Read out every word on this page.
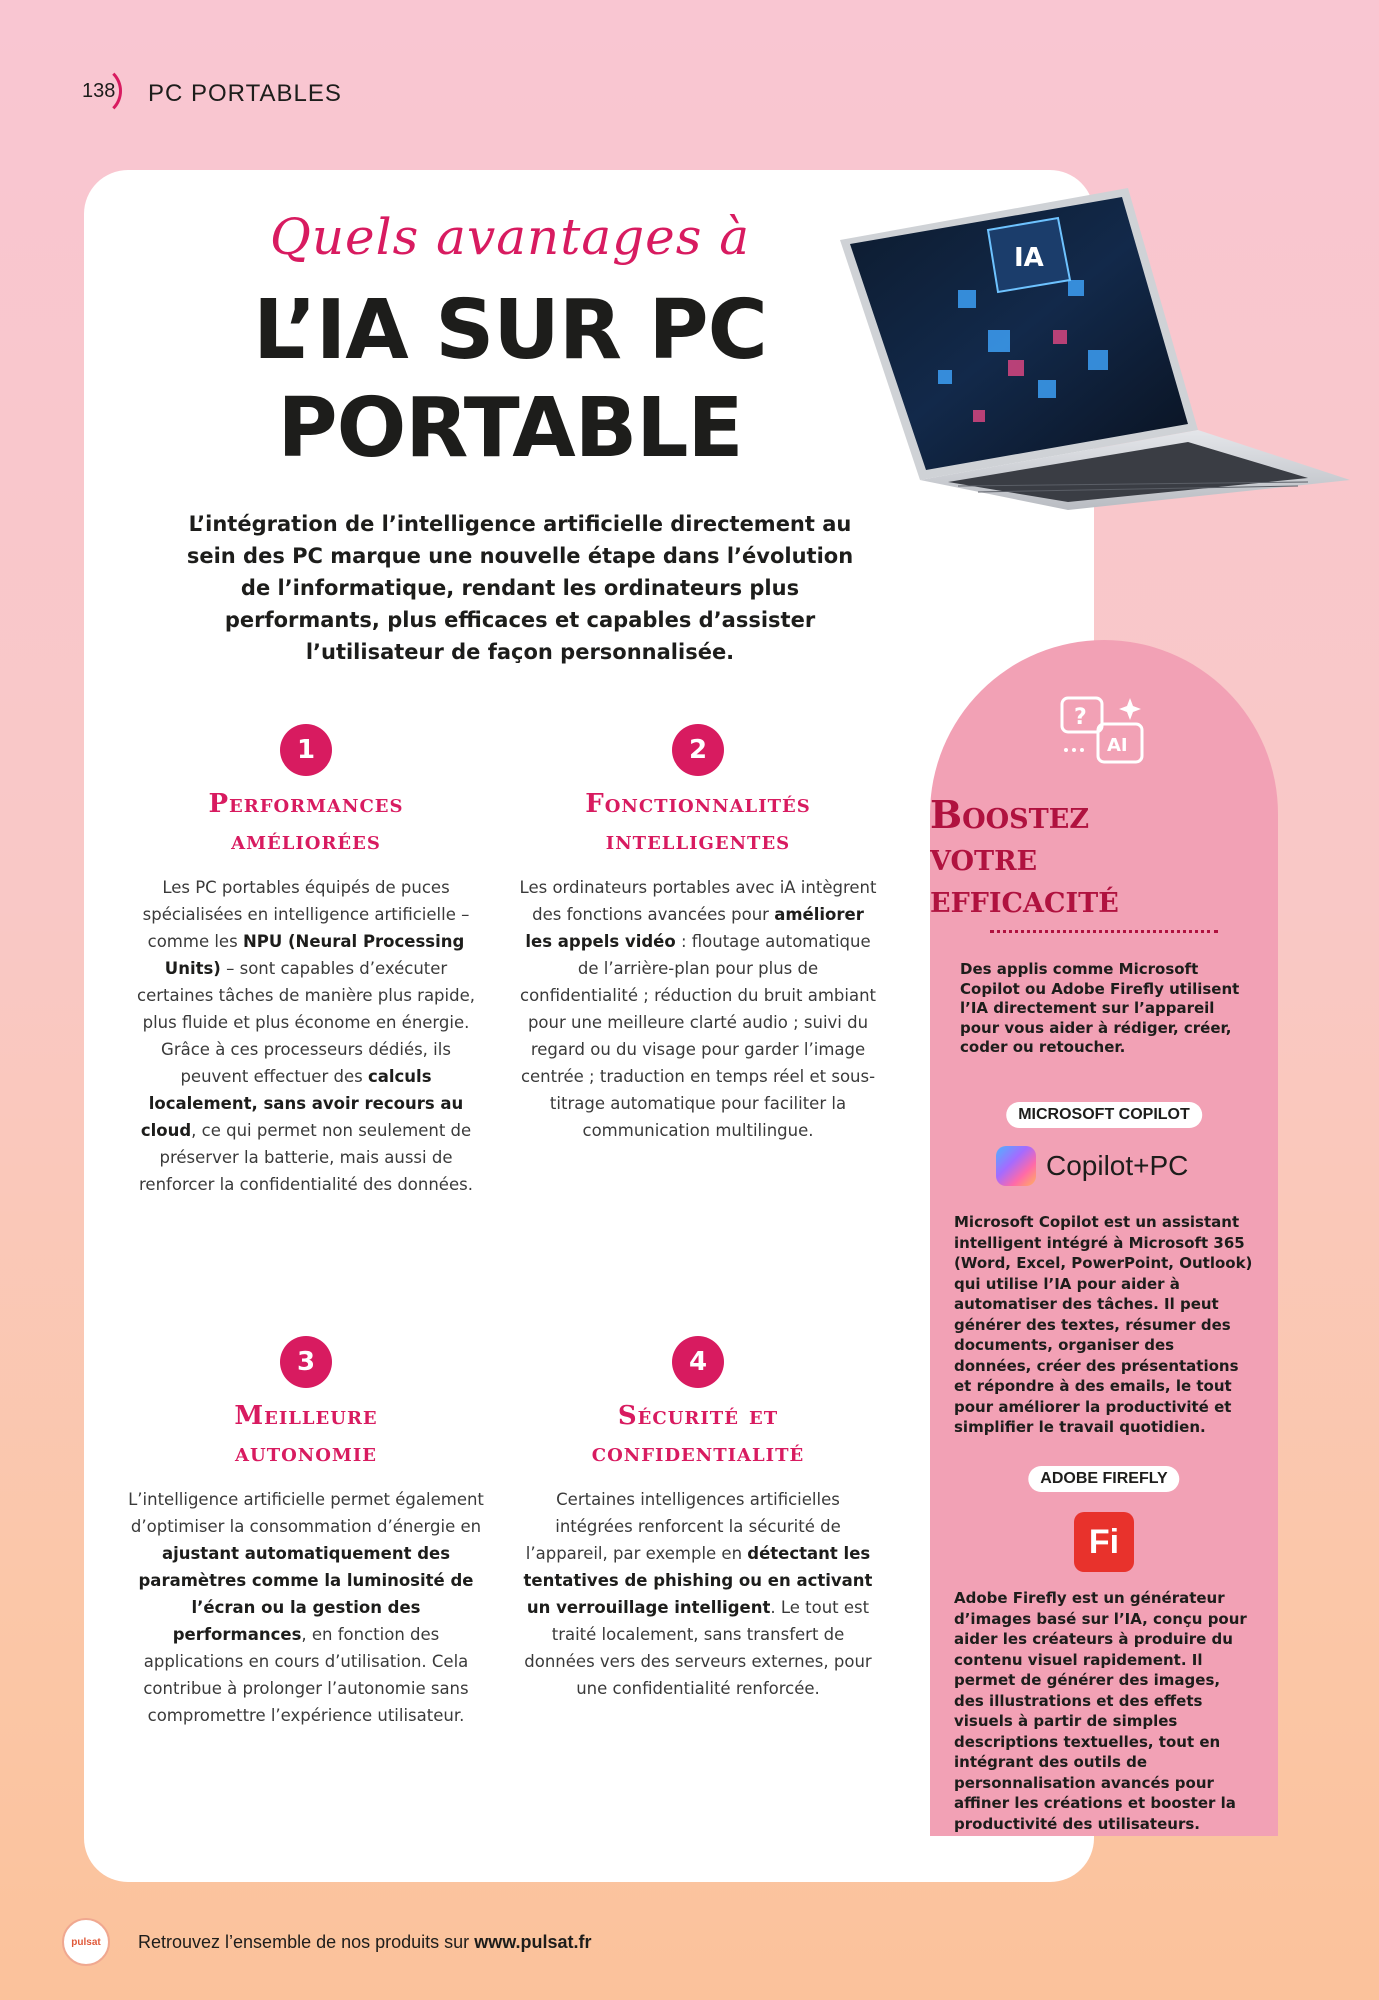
138 PC PORTABLES
IA
Quels avantages à
L’IA SUR PC
PORTABLE
L’intégration de l’intelligence artificielle directement au sein des PC marque une nouvelle étape dans l’évolution de l’informatique, rendant les ordinateurs plus performants, plus efficaces et capables d’assister l’utilisateur de façon personnalisée.
1
Performances
améliorées
Les PC portables équipés de puces spécialisées en intelligence artificielle – comme les NPU (Neural Processing Units) – sont capables d’exécuter certaines tâches de manière plus rapide, plus fluide et plus économe en énergie. Grâce à ces processeurs dédiés, ils peuvent effectuer des calculs localement, sans avoir recours au cloud, ce qui permet non seulement de préserver la batterie, mais aussi de renforcer la confidentialité des données.
2
Fonctionnalités
intelligentes
Les ordinateurs portables avec iA intègrent des fonctions avancées pour améliorer les appels vidéo : floutage automatique de l’arrière-plan pour plus de confidentialité ; réduction du bruit ambiant pour une meilleure clarté audio ; suivi du regard ou du visage pour garder l’image centrée ; traduction en temps réel et sous-titrage automatique pour faciliter la communication multilingue.
3
Meilleure
autonomie
L’intelligence artificielle permet également d’optimiser la consommation d’énergie en ajustant automatiquement des paramètres comme la luminosité de l’écran ou la gestion des performances, en fonction des applications en cours d’utilisation. Cela contribue à prolonger l’autonomie sans compromettre l’expérience utilisateur.
4
Sécurité et
confidentialité
Certaines intelligences artificielles intégrées renforcent la sécurité de l’appareil, par exemple en détectant les tentatives de phishing ou en activant un verrouillage intelligent. Le tout est traité localement, sans transfert de données vers des serveurs externes, pour une confidentialité renforcée.
?
AI
Boostez
votre
efficacité
Des applis comme Microsoft Copilot ou Adobe Firefly utilisent l’IA directement sur l’appareil pour vous aider à rédiger, créer, coder ou retoucher.
MICROSOFT COPILOT
Copilot+PC
Microsoft Copilot est un assistant intelligent intégré à Microsoft 365 (Word, Excel, PowerPoint, Outlook) qui utilise l’IA pour aider à automatiser des tâches. Il peut générer des textes, résumer des documents, organiser des données, créer des présentations et répondre à des emails, le tout pour améliorer la productivité et simplifier le travail quotidien.
ADOBE FIREFLY
Fi
Adobe Firefly est un générateur d’images basé sur l’IA, conçu pour aider les créateurs à produire du contenu visuel rapidement. Il permet de générer des images, des illustrations et des effets visuels à partir de simples descriptions textuelles, tout en intégrant des outils de personnalisation avancés pour affiner les créations et booster la productivité des utilisateurs.
pulsat	Retrouvez l’ensemble de nos produits sur www.pulsat.fr
